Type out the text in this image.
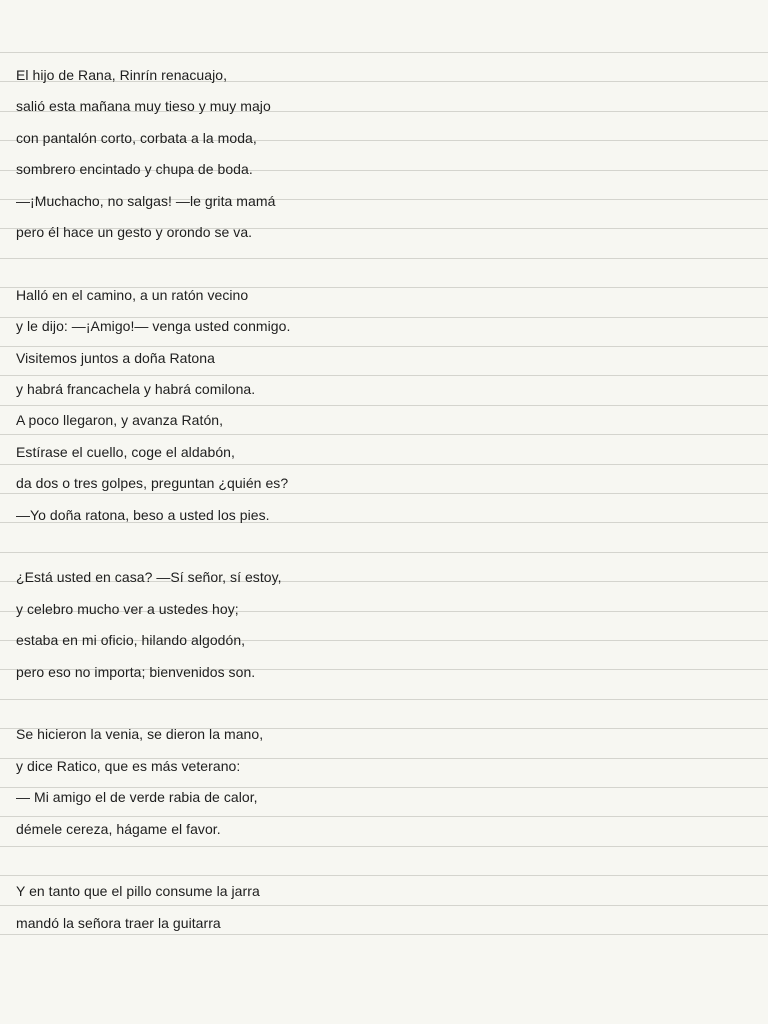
El hijo de Rana, Rinrín renacuajo,
salió esta mañana muy tieso y muy majo
con pantalón corto, corbata a la moda,
sombrero encintado y chupa de boda.
—¡Muchacho, no salgas! —le grita mamá
pero él hace un gesto y orondo se va.
Halló en el camino, a un ratón vecino
y le dijo: —¡Amigo!— venga usted conmigo.
Visitemos juntos a doña Ratona
y habrá francachela y habrá comilona.
A poco llegaron, y avanza Ratón,
Estírase el cuello, coge el aldabón,
da dos o tres golpes, preguntan ¿quién es?
—Yo doña ratona, beso a usted los pies.
¿Está usted en casa? —Sí señor, sí estoy,
y celebro mucho ver a ustedes hoy;
estaba en mi oficio, hilando algodón,
pero eso no importa; bienvenidos son.
Se hicieron la venia, se dieron la mano,
y dice Ratico, que es más veterano:
— Mi amigo el de verde rabia de calor,
démele cereza, hágame el favor.
Y en tanto que el pillo consume la jarra
mandó la señora traer la guitarra
